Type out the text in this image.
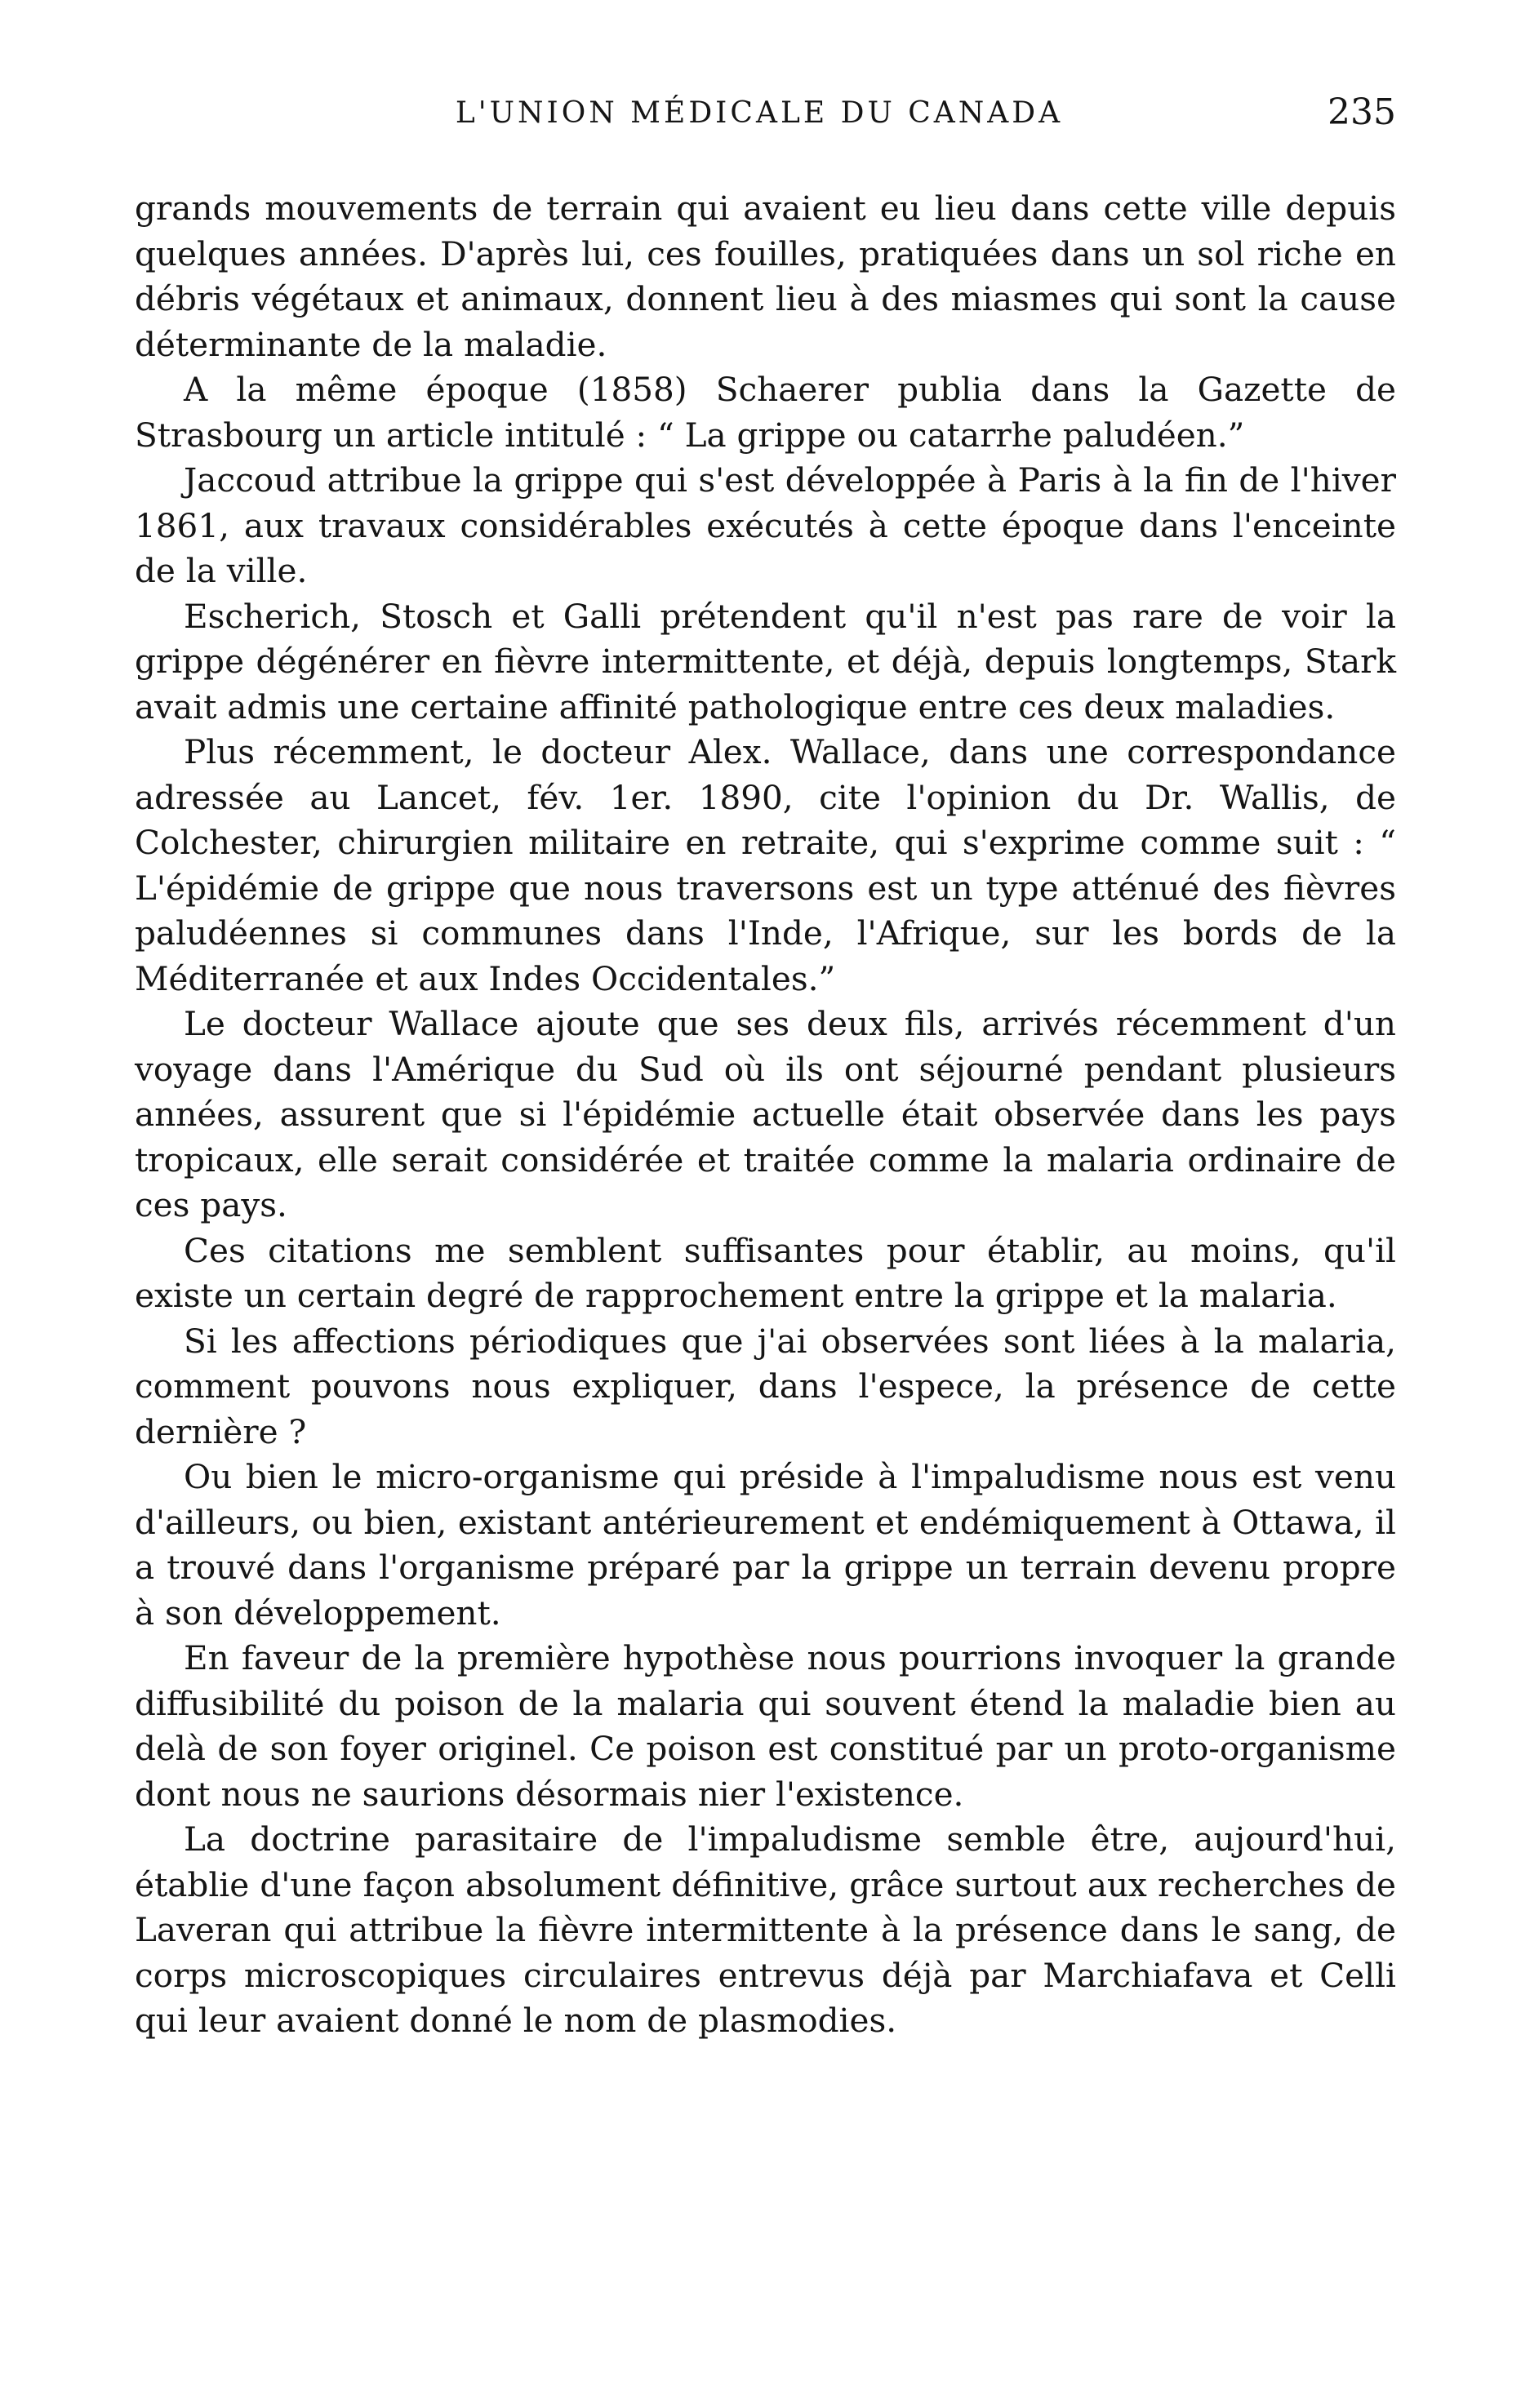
L'UNION MÉDICALE DU CANADA	235

grands mouvements de terrain qui avaient eu lieu dans cette ville depuis quelques années. D'après lui, ces fouilles, pratiquées dans un sol riche en débris végétaux et animaux, donnent lieu à des miasmes qui sont la cause déterminante de la maladie.

A la même époque (1858) Schaerer publia dans la Gazette de Strasbourg un article intitulé : “ La grippe ou catarrhe paludéen.”

Jaccoud attribue la grippe qui s'est développée à Paris à la fin de l'hiver 1861, aux travaux considérables exécutés à cette époque dans l'enceinte de la ville.

Escherich, Stosch et Galli prétendent qu'il n'est pas rare de voir la grippe dégénérer en fièvre intermittente, et déjà, depuis longtemps, Stark avait admis une certaine affinité pathologique entre ces deux maladies.

Plus récemment, le docteur Alex. Wallace, dans une correspondance adressée au Lancet, fév. 1er. 1890, cite l'opinion du Dr. Wallis, de Colchester, chirurgien militaire en retraite, qui s'exprime comme suit : “ L'épidémie de grippe que nous traversons est un type atténué des fièvres paludéennes si communes dans l'Inde, l'Afrique, sur les bords de la Méditerranée et aux Indes Occidentales.”

Le docteur Wallace ajoute que ses deux fils, arrivés récemment d'un voyage dans l'Amérique du Sud où ils ont séjourné pendant plusieurs années, assurent que si l'épidémie actuelle était observée dans les pays tropicaux, elle serait considérée et traitée comme la malaria ordinaire de ces pays.

Ces citations me semblent suffisantes pour établir, au moins, qu'il existe un certain degré de rapprochement entre la grippe et la malaria.

Si les affections périodiques que j'ai observées sont liées à la malaria, comment pouvons nous expliquer, dans l'espece, la présence de cette dernière ?

Ou bien le micro-organisme qui préside à l'impaludisme nous est venu d'ailleurs, ou bien, existant antérieurement et endémiquement à Ottawa, il a trouvé dans l'organisme préparé par la grippe un terrain devenu propre à son développement.

En faveur de la première hypothèse nous pourrions invoquer la grande diffusibilité du poison de la malaria qui souvent étend la maladie bien au delà de son foyer originel. Ce poison est constitué par un proto-organisme dont nous ne saurions désormais nier l'existence.

La doctrine parasitaire de l'impaludisme semble être, aujourd'hui, établie d'une façon absolument définitive, grâce surtout aux recherches de Laveran qui attribue la fièvre intermittente à la présence dans le sang, de corps microscopiques circulaires entrevus déjà par Marchiafava et Celli qui leur avaient donné le nom de plasmodies.
